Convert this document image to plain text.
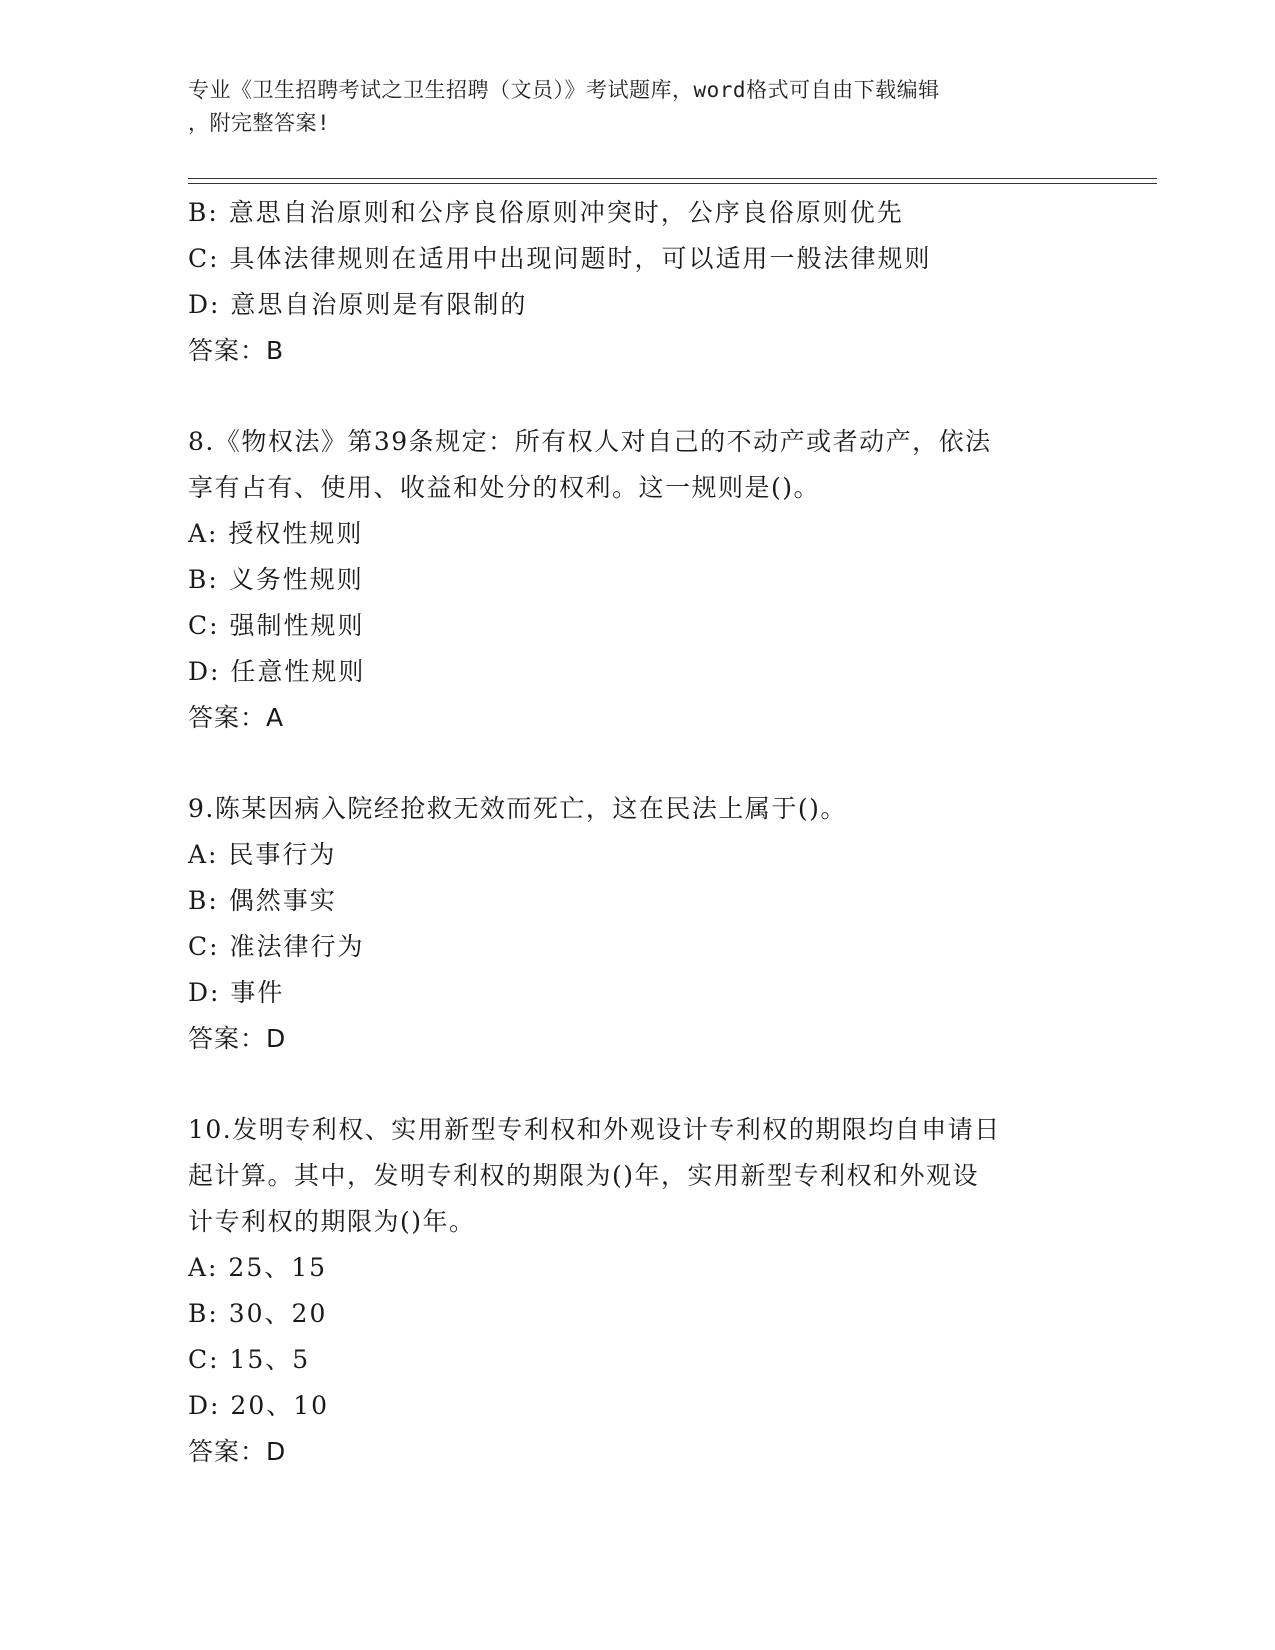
专业《卫生招聘考试之卫生招聘（文员）》考试题库，word格式可自由下载编辑
，附完整答案!
B: 意思自治原则和公序良俗原则冲突时，公序良俗原则优先
C: 具体法律规则在适用中出现问题时，可以适用一般法律规则
D: 意思自治原则是有限制的
答案：B
8.《物权法》第39条规定：所有权人对自己的不动产或者动产，依法
享有占有、使用、收益和处分的权利。这一规则是()。
A: 授权性规则
B: 义务性规则
C: 强制性规则
D: 任意性规则
答案：A
9.陈某因病入院经抢救无效而死亡，这在民法上属于()。
A: 民事行为
B: 偶然事实
C: 准法律行为
D: 事件
答案：D
10.发明专利权、实用新型专利权和外观设计专利权的期限均自申请日
起计算。其中，发明专利权的期限为()年，实用新型专利权和外观设
计专利权的期限为()年。
A: 25、15
B: 30、20
C: 15、5
D: 20、10
答案：D
